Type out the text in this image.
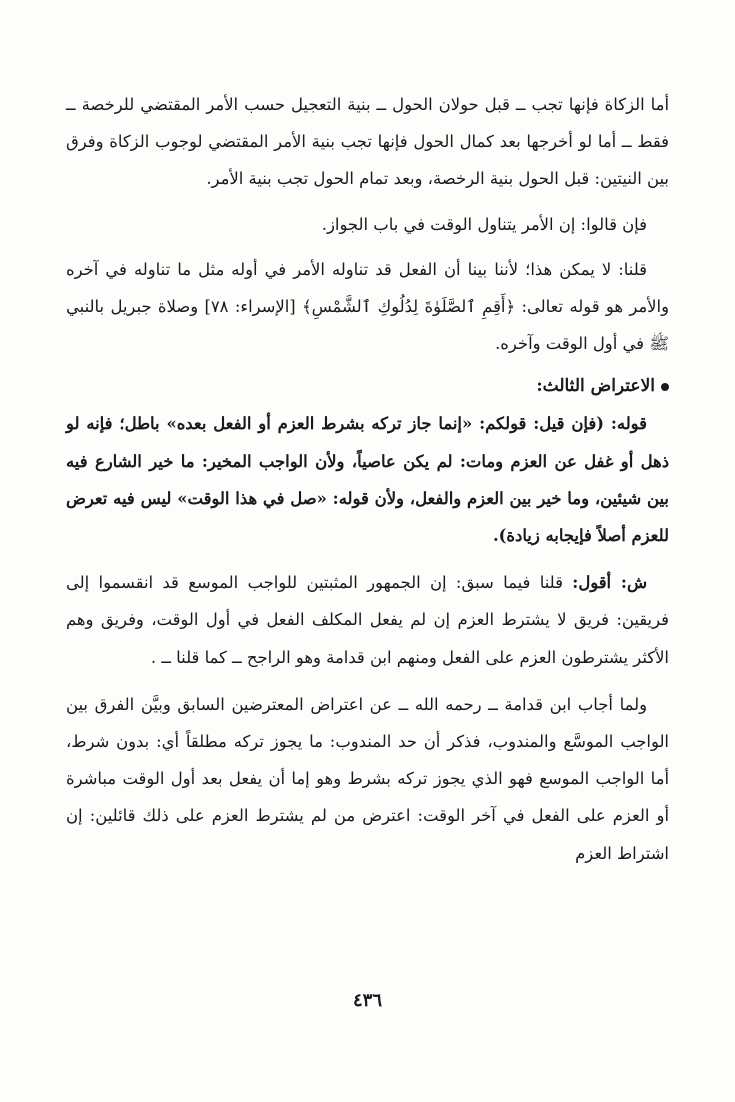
أما الزكاة فإنها تجب ــ قبل حولان الحول ــ بنية التعجيل حسب الأمر المقتضي للرخصة ــ فقط ــ أما لو أخرجها بعد كمال الحول فإنها تجب بنية الأمر المقتضي لوجوب الزكاة وفرق بين النيتين: قبل الحول بنية الرخصة، وبعد تمام الحول تجب بنية الأمر.

فإن قالوا: إن الأمر يتناول الوقت في باب الجواز.

قلنا: لا يمكن هذا؛ لأننا بينا أن الفعل قد تناوله الأمر في أوله مثل ما تناوله في آخره والأمر هو قوله تعالى: ﴿أَقِمِ ٱلصَّلَوٰةَ لِدُلُوكِ ٱلشَّمْسِ﴾ [الإسراء: ٧٨] وصلاة جبريل بالنبي ﷺ في أول الوقت وآخره.

الاعتراض الثالث:

قوله: (فإن قيل: قولكم: «إنما جاز تركه بشرط العزم أو الفعل بعده» باطل؛ فإنه لو ذهل أو غفل عن العزم ومات: لم يكن عاصياً، ولأن الواجب المخير: ما خير الشارع فيه بين شيئين، وما خير بين العزم والفعل، ولأن قوله: «صل في هذا الوقت» ليس فيه تعرض للعزم أصلاً فإيجابه زيادة).

ش: أقول: قلنا فيما سبق: إن الجمهور المثبتين للواجب الموسع قد انقسموا إلى فريقين: فريق لا يشترط العزم إن لم يفعل المكلف الفعل في أول الوقت، وفريق وهم الأكثر يشترطون العزم على الفعل ومنهم ابن قدامة وهو الراجح ــ كما قلنا ــ .

ولما أجاب ابن قدامة ــ رحمه الله ــ عن اعتراض المعترضين السابق وبيَّن الفرق بين الواجب الموسَّع والمندوب، فذكر أن حد المندوب: ما يجوز تركه مطلقاً أي: بدون شرط، أما الواجب الموسع فهو الذي يجوز تركه بشرط وهو إما أن يفعل بعد أول الوقت مباشرة أو العزم على الفعل في آخر الوقت: اعترض من لم يشترط العزم على ذلك قائلين: إن اشتراط العزم

٤٣٦
